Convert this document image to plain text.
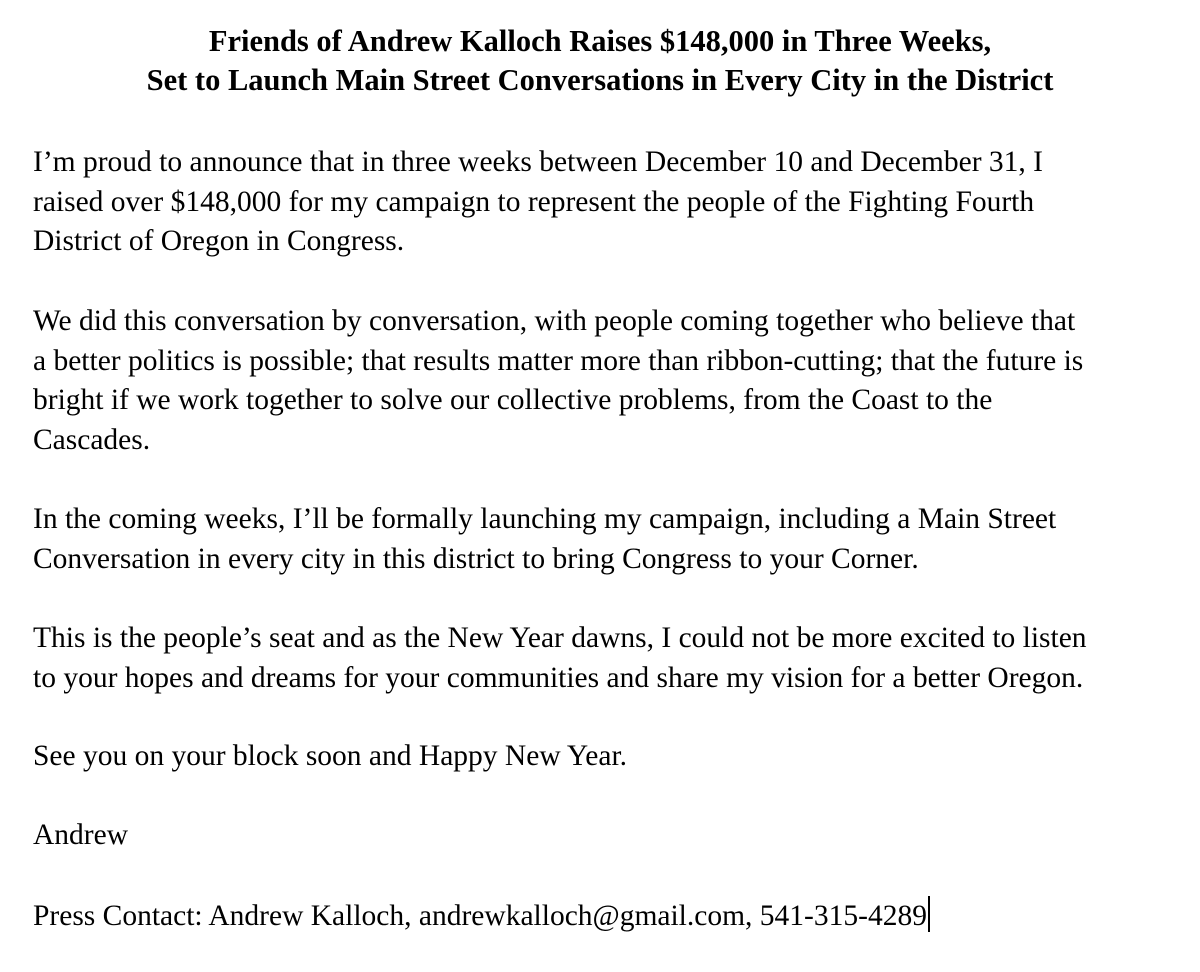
Friends of Andrew Kalloch Raises $148,000 in Three Weeks,
Set to Launch Main Street Conversations in Every City in the District

I’m proud to announce that in three weeks between December 10 and December 31, I
raised over $148,000 for my campaign to represent the people of the Fighting Fourth
District of Oregon in Congress.

We did this conversation by conversation, with people coming together who believe that
a better politics is possible; that results matter more than ribbon-cutting; that the future is
bright if we work together to solve our collective problems, from the Coast to the
Cascades.

In the coming weeks, I’ll be formally launching my campaign, including a Main Street
Conversation in every city in this district to bring Congress to your Corner.

This is the people’s seat and as the New Year dawns, I could not be more excited to listen
to your hopes and dreams for your communities and share my vision for a better Oregon.

See you on your block soon and Happy New Year.

Andrew

Press Contact: Andrew Kalloch, andrewkalloch@gmail.com, 541-315-4289
